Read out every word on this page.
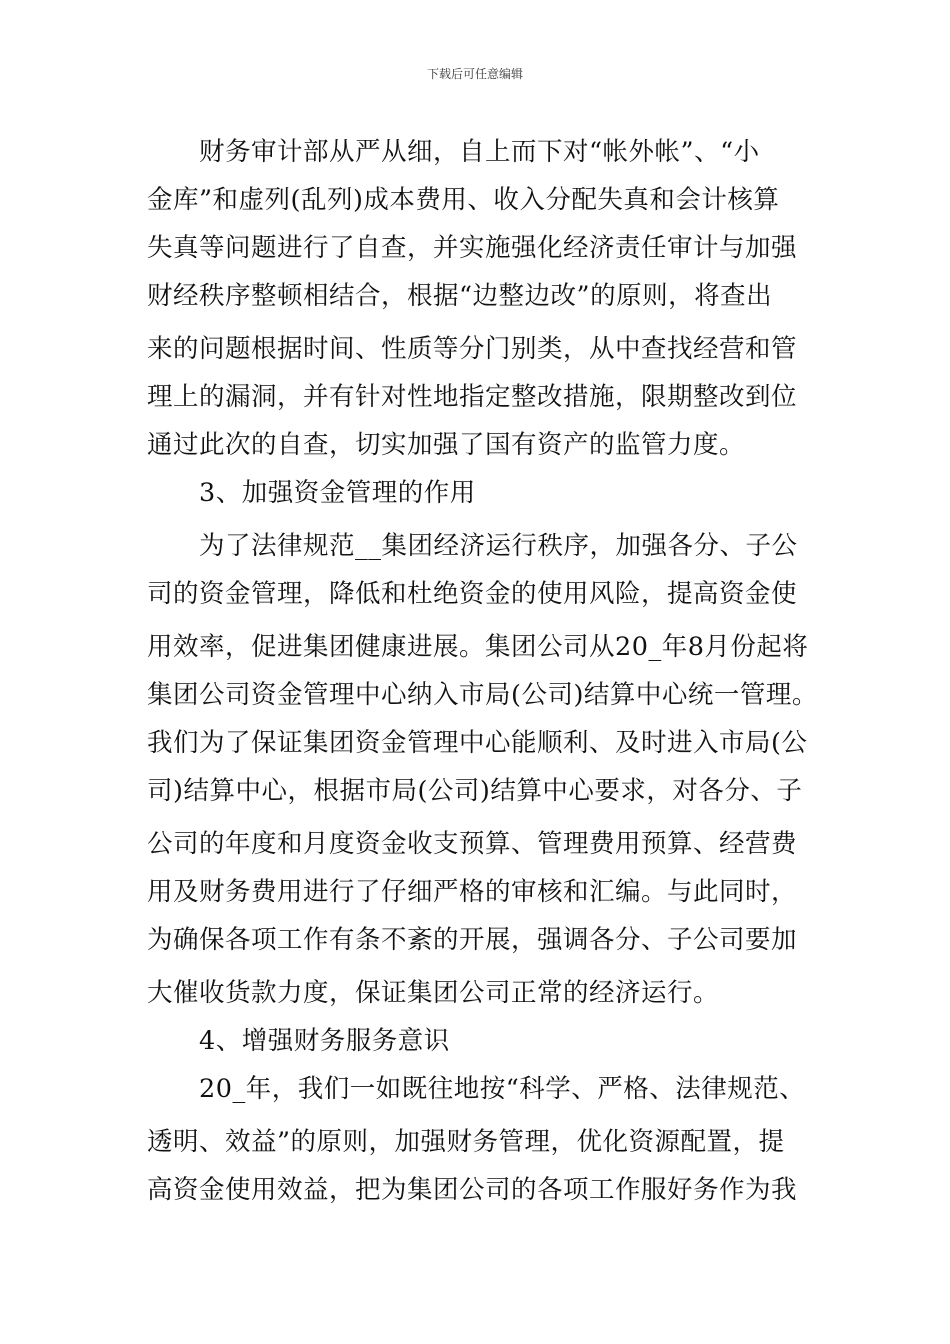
下载后可任意编辑
　　财务审计部从严从细，自上而下对“帐外帐”、“小
金库”和虚列(乱列)成本费用、收入分配失真和会计核算
失真等问题进行了自查，并实施强化经济责任审计与加强
财经秩序整顿相结合，根据“边整边改”的原则，将查出
来的问题根据时间、性质等分门别类，从中查找经营和管
理上的漏洞，并有针对性地指定整改措施，限期整改到位
通过此次的自查，切实加强了国有资产的监管力度。
　　3、加强资金管理的作用
　　为了法律规范__集团经济运行秩序，加强各分、子公
司的资金管理，降低和杜绝资金的使用风险，提高资金使
用效率，促进集团健康进展。集团公司从20_年8月份起将
集团公司资金管理中心纳入市局(公司)结算中心统一管理。
我们为了保证集团资金管理中心能顺利、及时进入市局(公
司)结算中心，根据市局(公司)结算中心要求，对各分、子
公司的年度和月度资金收支预算、管理费用预算、经营费
用及财务费用进行了仔细严格的审核和汇编。与此同时，
为确保各项工作有条不紊的开展，强调各分、子公司要加
大催收货款力度，保证集团公司正常的经济运行。
　　4、增强财务服务意识
　　20_年，我们一如既往地按“科学、严格、法律规范、
透明、效益”的原则，加强财务管理，优化资源配置，提
高资金使用效益，把为集团公司的各项工作服好务作为我
